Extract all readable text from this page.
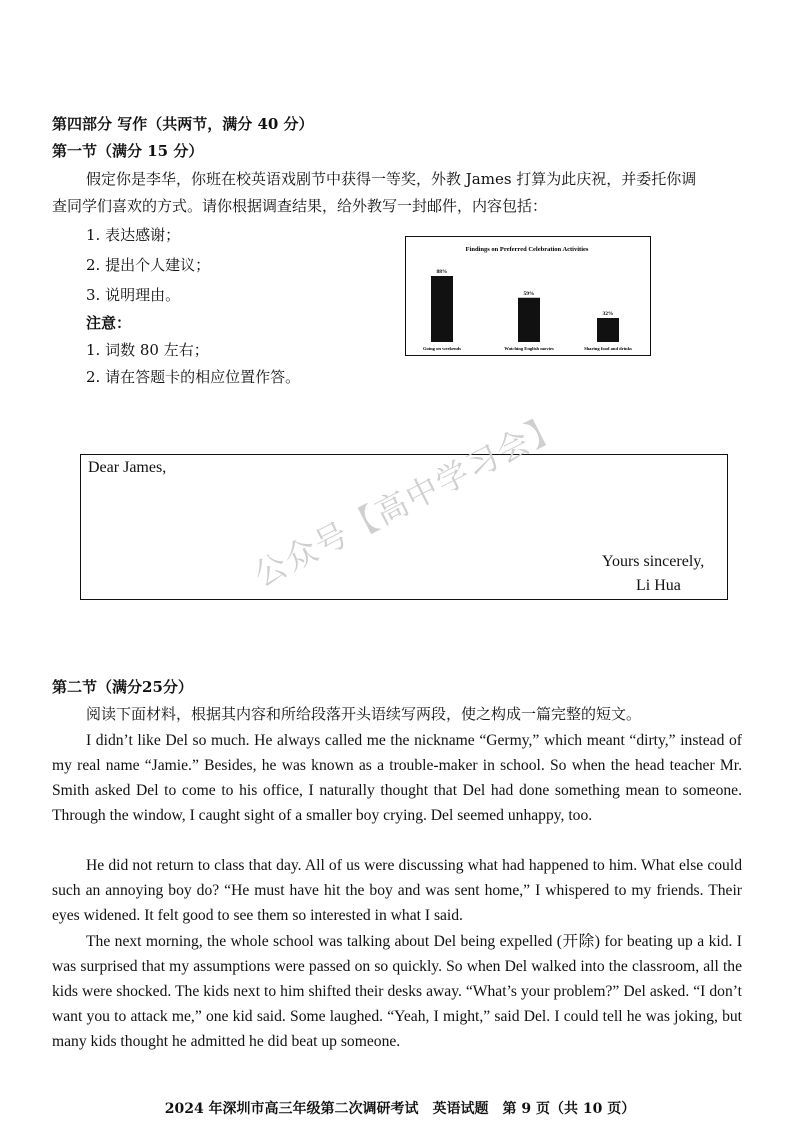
第四部分 写作（共两节，满分 40 分）
第一节（满分 15 分）
假定你是李华，你班在校英语戏剧节中获得一等奖，外教 James 打算为此庆祝，并委托你调
查同学们喜欢的方式。请你根据调查结果，给外教写一封邮件，内容包括：
1. 表达感谢；
2. 提出个人建议；
3. 说明理由。
注意：
1. 词数 80 左右；
2. 请在答题卡的相应位置作答。
Findings on Preferred Celebration Activities
88%
Going on weekends
59%
Watching English movies
32%
Sharing food and drinks
Dear James,
Yours sincerely,
Li Hua
公众号【高中学习会】
第二节（满分25分）
阅读下面材料，根据其内容和所给段落开头语续写两段，使之构成一篇完整的短文。
I didn’t like Del so much. He always called me the nickname “Germy,” which meant “dirty,” instead of my real name “Jamie.” Besides, he was known as a trouble-maker in school. So when the head teacher Mr. Smith asked Del to come to his office, I naturally thought that Del had done something mean to someone. Through the window, I caught sight of a smaller boy crying. Del seemed unhappy, too.
He did not return to class that day. All of us were discussing what had happened to him. What else could such an annoying boy do? “He must have hit the boy and was sent home,” I whispered to my friends. Their eyes widened. It felt good to see them so interested in what I said.
The next morning, the whole school was talking about Del being expelled (开除) for beating up a kid. I was surprised that my assumptions were passed on so quickly. So when Del walked into the classroom, all the kids were shocked. The kids next to him shifted their desks away. “What’s your problem?” Del asked. “I don’t want you to attack me,” one kid said. Some laughed. “Yeah, I might,” said Del. I could tell he was joking, but many kids thought he admitted he did beat up someone.
2024 年深圳市高三年级第二次调研考试　英语试题　第 9 页（共 10 页）
